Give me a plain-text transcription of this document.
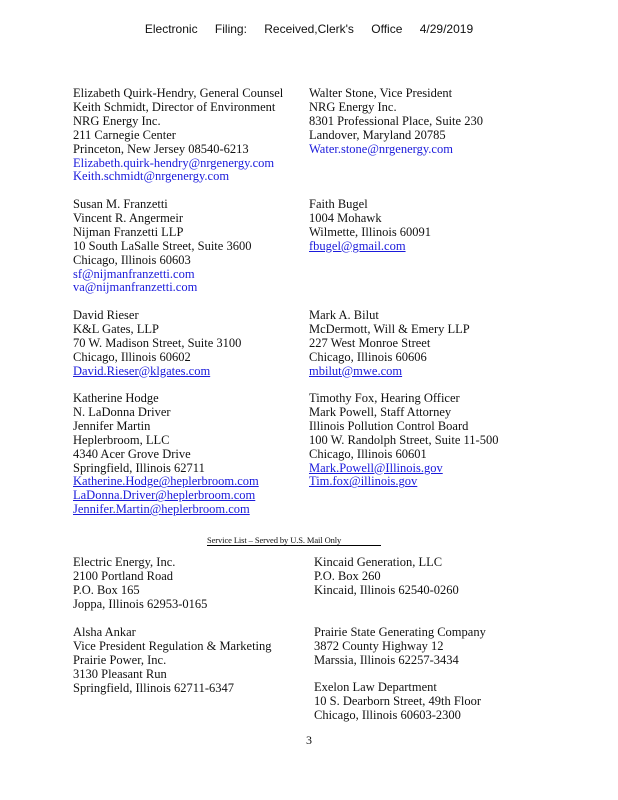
Electronic Filing: Received,Clerk's Office 4/29/2019
Elizabeth Quirk-Hendry, General Counsel
Keith Schmidt, Director of Environment
NRG Energy Inc.
211 Carnegie Center
Princeton, New Jersey 08540-6213
Elizabeth.quirk-hendry@nrgenergy.com
Keith.schmidt@nrgenergy.com
Walter Stone, Vice President
NRG Energy Inc.
8301 Professional Place, Suite 230
Landover, Maryland 20785
Water.stone@nrgenergy.com
Susan M. Franzetti
Vincent R. Angermeir
Nijman Franzetti LLP
10 South LaSalle Street, Suite 3600
Chicago, Illinois 60603
sf@nijmanfranzetti.com
va@nijmanfranzetti.com
Faith Bugel
1004 Mohawk
Wilmette, Illinois 60091
fbugel@gmail.com
David Rieser
K&L Gates, LLP
70 W. Madison Street, Suite 3100
Chicago, Illinois 60602
David.Rieser@klgates.com
Mark A. Bilut
McDermott, Will & Emery LLP
227 West Monroe Street
Chicago, Illinois 60606
mbilut@mwe.com
Katherine Hodge
N. LaDonna Driver
Jennifer Martin
Heplerbroom, LLC
4340 Acer Grove Drive
Springfield, Illinois 62711
Katherine.Hodge@heplerbroom.com
LaDonna.Driver@heplerbroom.com
Jennifer.Martin@heplerbroom.com
Timothy Fox, Hearing Officer
Mark Powell, Staff Attorney
Illinois Pollution Control Board
100 W. Randolph Street, Suite 11-500
Chicago, Illinois 60601
Mark.Powell@Illinois.gov
Tim.fox@illinois.gov
Service List – Served by U.S. Mail Only
Electric Energy, Inc.
2100 Portland Road
P.O. Box 165
Joppa, Illinois 62953-0165
Kincaid Generation, LLC
P.O. Box 260
Kincaid, Illinois 62540-0260
Alsha Ankar
Vice President Regulation & Marketing
Prairie Power, Inc.
3130 Pleasant Run
Springfield, Illinois 62711-6347
Prairie State Generating Company
3872 County Highway 12
Marssia, Illinois 62257-3434
Exelon Law Department
10 S. Dearborn Street, 49th Floor
Chicago, Illinois 60603-2300
3
